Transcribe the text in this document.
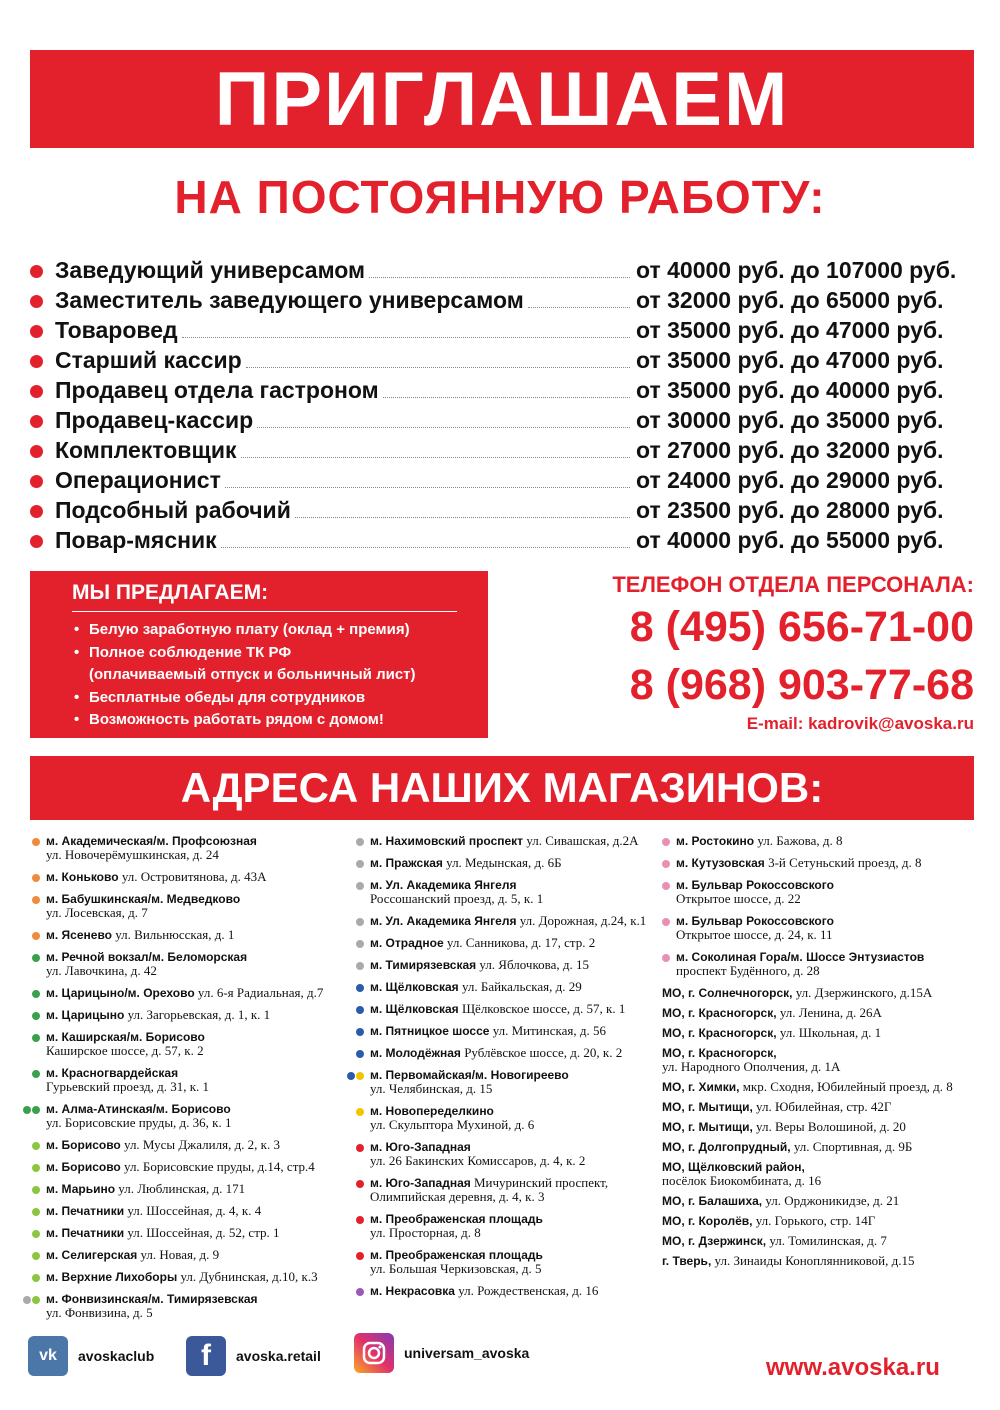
ПРИГЛАШАЕМ
НА ПОСТОЯННУЮ РАБОТУ:
Заведующий универсамом	от 40000 руб. до 107000 руб.
Заместитель заведующего универсамом	от 32000 руб. до 65000 руб.
Товаровед	от 35000 руб. до 47000 руб.
Старший кассир	от 35000 руб. до 47000 руб.
Продавец отдела гастроном	от 35000 руб. до 40000 руб.
Продавец-кассир	от 30000 руб. до 35000 руб.
Комплектовщик	от 27000 руб. до 32000 руб.
Операционист	от 24000 руб. до 29000 руб.
Подсобный рабочий	от 23500 руб. до 28000 руб.
Повар-мясник	от 40000 руб. до 55000 руб.
МЫ ПРЕДЛАГАЕМ:
• Белую заработную плату (оклад + премия)
• Полное соблюдение ТК РФ
(оплачиваемый отпуск и больничный лист)
• Бесплатные обеды для сотрудников
• Возможность работать рядом с домом!
ТЕЛЕФОН ОТДЕЛА ПЕРСОНАЛА:
8 (495) 656-71-00
8 (968) 903-77-68
E-mail: kadrovik@avoska.ru
АДРЕСА НАШИХ МАГАЗИНОВ:
м. Академическая/м. Профсоюзная
ул. Новочерёмушкинская, д. 24
м. Коньково ул. Островитянова, д. 43А
м. Бабушкинская/м. Медведково
ул. Лосевская, д. 7
м. Ясенево ул. Вильнюсская, д. 1
м. Речной вокзал/м. Беломорская
ул. Лавочкина, д. 42
м. Царицыно/м. Орехово ул. 6-я Радиальная, д.7
м. Царицыно ул. Загорьевская, д. 1, к. 1
м. Каширская/м. Борисово
Каширское шоссе, д. 57, к. 2
м. Красногвардейская
Гурьевский проезд, д. 31, к. 1
м. Алма-Атинская/м. Борисово
ул. Борисовские пруды, д. 36, к. 1
м. Борисово ул. Мусы Джалиля, д. 2, к. 3
м. Борисово ул. Борисовские пруды, д.14, стр.4
м. Марьино ул. Люблинская, д. 171
м. Печатники ул. Шоссейная, д. 4, к. 4
м. Печатники ул. Шоссейная, д. 52, стр. 1
м. Селигерская ул. Новая, д. 9
м. Верхние Лихоборы ул. Дубнинская, д.10, к.3
м. Фонвизинская/м. Тимирязевская
ул. Фонвизина, д. 5
м. Нахимовский проспект ул. Сивашская, д.2А
м. Пражская ул. Медынская, д. 6Б
м. Ул. Академика Янгеля
Россошанский проезд, д. 5, к. 1
м. Ул. Академика Янгеля ул. Дорожная, д.24, к.1
м. Отрадное ул. Санникова, д. 17, стр. 2
м. Тимирязевская ул. Яблочкова, д. 15
м. Щёлковская ул. Байкальская, д. 29
м. Щёлковская Щёлковское шоссе, д. 57, к. 1
м. Пятницкое шоссе ул. Митинская, д. 56
м. Молодёжная Рублёвское шоссе, д. 20, к. 2
м. Первомайская/м. Новогиреево
ул. Челябинская, д. 15
м. Новопеределкино
ул. Скульптора Мухиной, д. 6
м. Юго-Западная
ул. 26 Бакинских Комиссаров, д. 4, к. 2
м. Юго-Западная Мичуринский проспект, Олимпийская деревня, д. 4, к. 3
м. Преображенская площадь
ул. Просторная, д. 8
м. Преображенская площадь
ул. Большая Черкизовская, д. 5
м. Некрасовка ул. Рождественская, д. 16
м. Ростокино ул. Бажова, д. 8
м. Кутузовская 3-й Сетуньский проезд, д. 8
м. Бульвар Рокоссовского
Открытое шоссе, д. 22
м. Бульвар Рокоссовского
Открытое шоссе, д. 24, к. 11
м. Соколиная Гора/м. Шоссе Энтузиастов
проспект Будённого, д. 28
МО, г. Солнечногорск, ул. Дзержинского, д.15А
МО, г. Красногорск, ул. Ленина, д. 26А
МО, г. Красногорск, ул. Школьная, д. 1
МО, г. Красногорск,
ул. Народного Ополчения, д. 1А
МО, г. Химки, мкр. Сходня, Юбилейный проезд, д. 8
МО, г. Мытищи, ул. Юбилейная, стр. 42Г
МО, г. Мытищи, ул. Веры Волошиной, д. 20
МО, г. Долгопрудный, ул. Спортивная, д. 9Б
МО, Щёлковский район,
посёлок Биокомбината, д. 16
МО, г. Балашиха, ул. Орджоникидзе, д. 21
МО, г. Королёв, ул. Горького, стр. 14Г
МО, г. Дзержинск, ул. Томилинская, д. 7
г. Тверь, ул. Зинаиды Коноплянниковой, д.15
vk	avoskaclub	f	avoska.retail	universam_avoska
www.avoska.ru
